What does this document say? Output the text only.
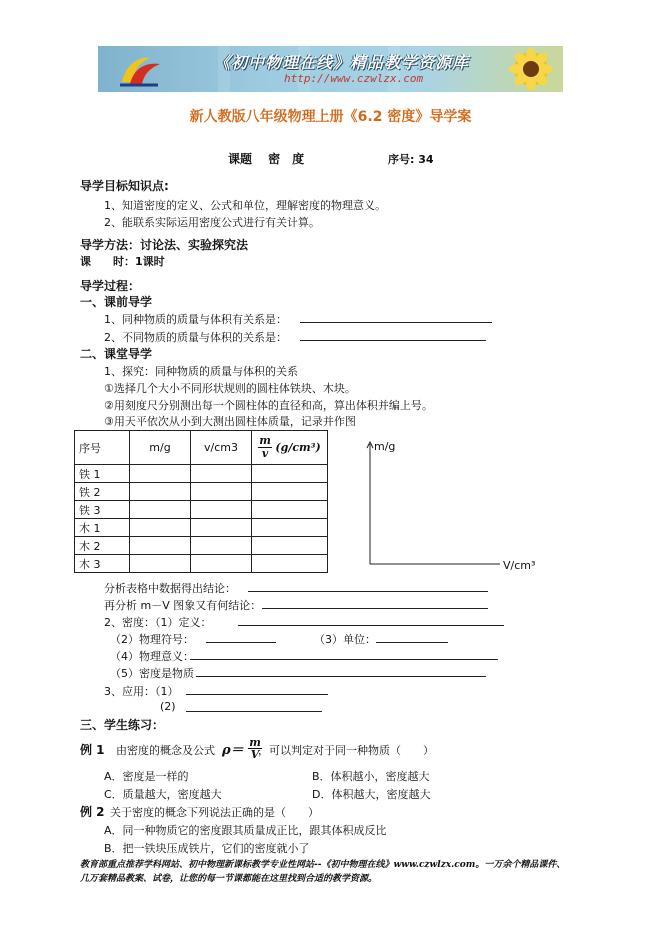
《初中物理在线》精品教学资源库
http://www.czwlzx.com
新人教版八年级物理上册《6.2 密度》导学案
课题　 密　度	序号: 34
导学目标知识点:
1、知道密度的定义、公式和单位，理解密度的物理意义。
2、能联系实际运用密度公式进行有关计算。
导学方法：讨论法、实验探究法
课　　时：1课时
导学过程：
一、课前导学
1、同种物质的质量与体积有关系是：
2、不同物质的质量与体积的关系是：
二、课堂导学
1、探究：同种物质的质量与体积的关系
①选择几个大小不同形状规则的圆柱体铁块、木块。
②用刻度尺分别测出每一个圆柱体的直径和高，算出体积并编上号。
③用天平依次从小到大测出圆柱体质量，记录并作图
序号	m/g	v/cm3	$\frac{m}{v} (g/cm^3)$
铁 1			
铁 2			
铁 3			
木 1			
木 2			
木 3			
m/g
V/cm³
分析表格中数据得出结论：
再分析 m－V 图象又有何结论：
2、密度：（1）定义：
（2）物理符号：	（3）单位：
（4）物理意义：
（5）密度是物质
3、应用：（1）
(2)
三、学生练习：
例 1 由密度的概念及公式 $\rho= \frac{m}{V}$
，可以判定对于同一种物质（　　）
A．密度是一样的	B．体积越小，密度越大
C．质量越大，密度越大	D．体积越大，密度越大
例 2 关于密度的概念下列说法正确的是（　　）
A．同一种物质它的密度跟其质量成正比，跟其体积成反比
B．把一铁块压成铁片，它们的密度就小了
教育部重点推荐学科网站、初中物理新课标教学专业性网站--《初中物理在线》www.czwlzx.com。一万余个精品课件、
几万套精品教案、试卷，让您的每一节课都能在这里找到合适的教学资源。
